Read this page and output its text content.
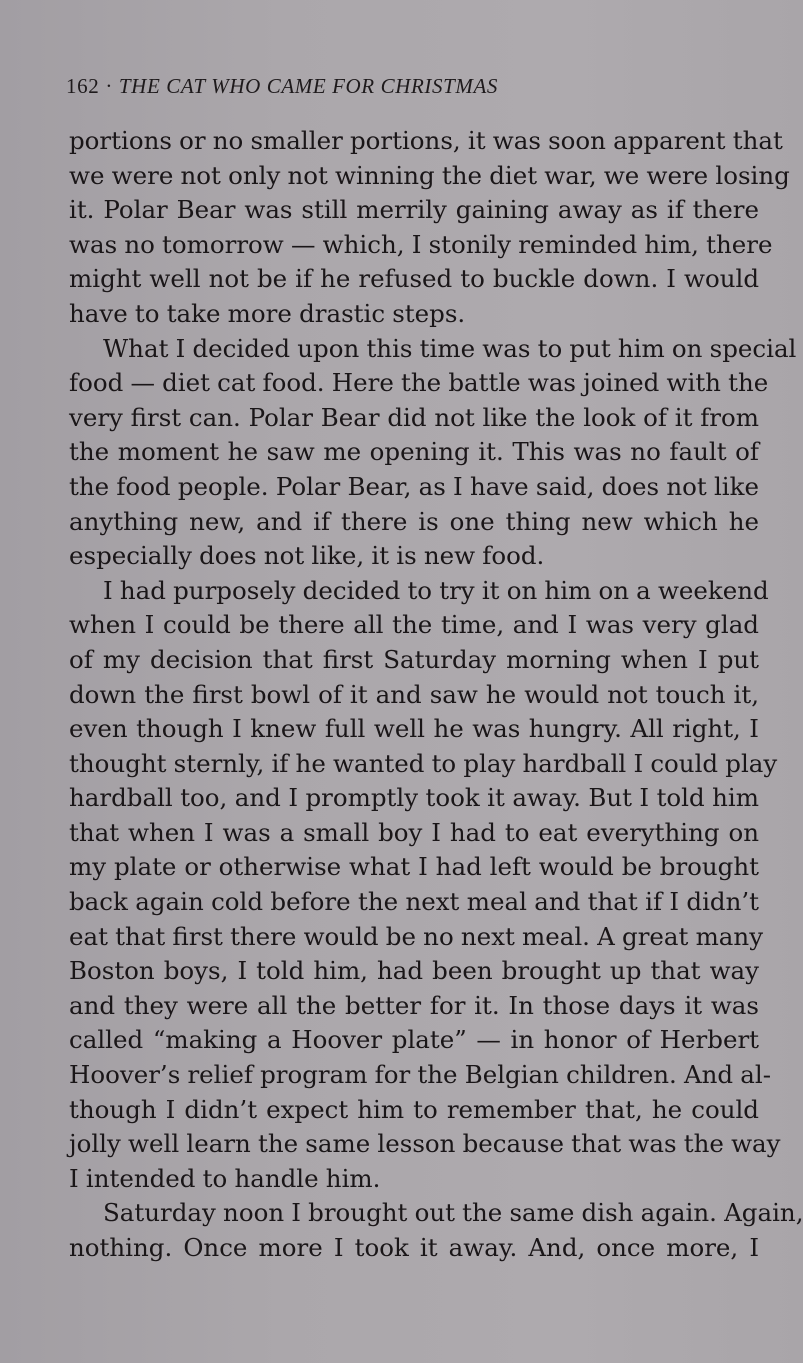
162 · THE CAT WHO CAME FOR CHRISTMAS
portions or no smaller portions, it was soon apparent that
we were not only not winning the diet war, we were losing
it. Polar Bear was still merrily gaining away as if there
was no tomorrow — which, I stonily reminded him, there
might well not be if he refused to buckle down. I would
have to take more drastic steps.
What I decided upon this time was to put him on special
food — diet cat food. Here the battle was joined with the
very first can. Polar Bear did not like the look of it from
the moment he saw me opening it. This was no fault of
the food people. Polar Bear, as I have said, does not like
anything new, and if there is one thing new which he
especially does not like, it is new food.
I had purposely decided to try it on him on a weekend
when I could be there all the time, and I was very glad
of my decision that first Saturday morning when I put
down the first bowl of it and saw he would not touch it,
even though I knew full well he was hungry. All right, I
thought sternly, if he wanted to play hardball I could play
hardball too, and I promptly took it away. But I told him
that when I was a small boy I had to eat everything on
my plate or otherwise what I had left would be brought
back again cold before the next meal and that if I didn’t
eat that first there would be no next meal. A great many
Boston boys, I told him, had been brought up that way
and they were all the better for it. In those days it was
called “making a Hoover plate” — in honor of Herbert
Hoover’s relief program for the Belgian children. And al-
though I didn’t expect him to remember that, he could
jolly well learn the same lesson because that was the way
I intended to handle him.
Saturday noon I brought out the same dish again. Again,
nothing. Once more I took it away. And, once more, I
